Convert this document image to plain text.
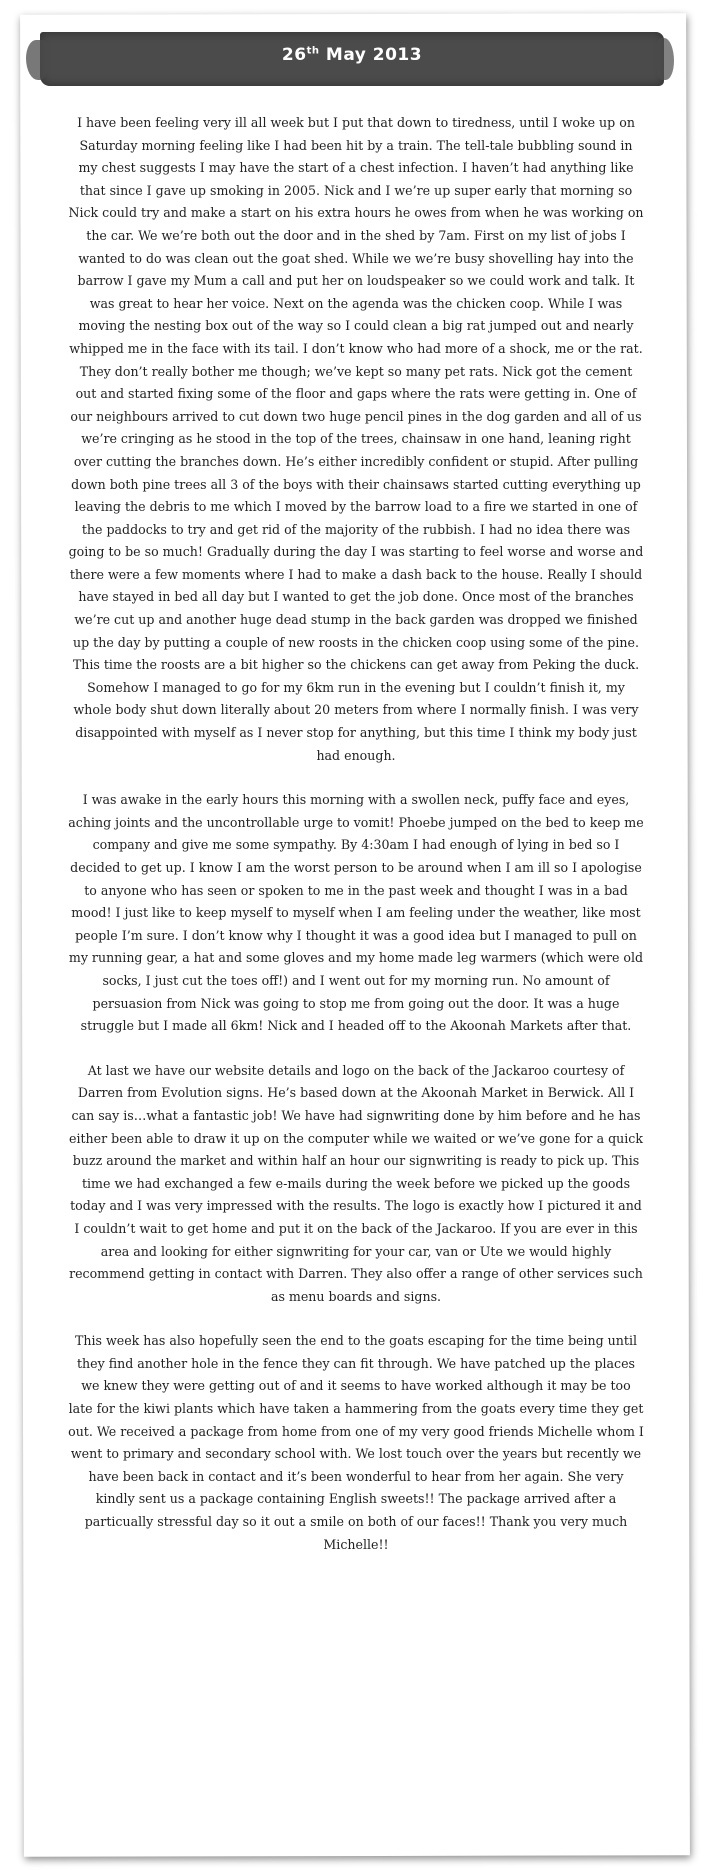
26th May 2013

I have been feeling very ill all week but I put that down to tiredness, until I woke up on Saturday morning feeling like I had been hit by a train. The tell-tale bubbling sound in my chest suggests I may have the start of a chest infection. I haven’t had anything like that since I gave up smoking in 2005. Nick and I we’re up super early that morning so Nick could try and make a start on his extra hours he owes from when he was working on the car. We we’re both out the door and in the shed by 7am. First on my list of jobs I wanted to do was clean out the goat shed. While we we’re busy shovelling hay into the barrow I gave my Mum a call and put her on loudspeaker so we could work and talk. It was great to hear her voice. Next on the agenda was the chicken coop. While I was moving the nesting box out of the way so I could clean a big rat jumped out and nearly whipped me in the face with its tail. I don’t know who had more of a shock, me or the rat. They don’t really bother me though; we’ve kept so many pet rats. Nick got the cement out and started fixing some of the floor and gaps where the rats were getting in. One of our neighbours arrived to cut down two huge pencil pines in the dog garden and all of us we’re cringing as he stood in the top of the trees, chainsaw in one hand, leaning right over cutting the branches down. He’s either incredibly confident or stupid. After pulling down both pine trees all 3 of the boys with their chainsaws started cutting everything up leaving the debris to me which I moved by the barrow load to a fire we started in one of the paddocks to try and get rid of the majority of the rubbish. I had no idea there was going to be so much! Gradually during the day I was starting to feel worse and worse and there were a few moments where I had to make a dash back to the house. Really I should have stayed in bed all day but I wanted to get the job done. Once most of the branches we’re cut up and another huge dead stump in the back garden was dropped we finished up the day by putting a couple of new roosts in the chicken coop using some of the pine. This time the roosts are a bit higher so the chickens can get away from Peking the duck. Somehow I managed to go for my 6km run in the evening but I couldn’t finish it, my whole body shut down literally about 20 meters from where I normally finish. I was very disappointed with myself as I never stop for anything, but this time I think my body just had enough.

I was awake in the early hours this morning with a swollen neck, puffy face and eyes, aching joints and the uncontrollable urge to vomit! Phoebe jumped on the bed to keep me company and give me some sympathy. By 4:30am I had enough of lying in bed so I decided to get up. I know I am the worst person to be around when I am ill so I apologise to anyone who has seen or spoken to me in the past week and thought I was in a bad mood! I just like to keep myself to myself when I am feeling under the weather, like most people I’m sure. I don’t know why I thought it was a good idea but I managed to pull on my running gear, a hat and some gloves and my home made leg warmers (which were old socks, I just cut the toes off!) and I went out for my morning run. No amount of persuasion from Nick was going to stop me from going out the door. It was a huge struggle but I made all 6km! Nick and I headed off to the Akoonah Markets after that.

At last we have our website details and logo on the back of the Jackaroo courtesy of Darren from Evolution signs. He’s based down at the Akoonah Market in Berwick. All I can say is…what a fantastic job! We have had signwriting done by him before and he has either been able to draw it up on the computer while we waited or we’ve gone for a quick buzz around the market and within half an hour our signwriting is ready to pick up. This time we had exchanged a few e-mails during the week before we picked up the goods today and I was very impressed with the results. The logo is exactly how I pictured it and I couldn’t wait to get home and put it on the back of the Jackaroo. If you are ever in this area and looking for either signwriting for your car, van or Ute we would highly recommend getting in contact with Darren. They also offer a range of other services such as menu boards and signs.

This week has also hopefully seen the end to the goats escaping for the time being until they find another hole in the fence they can fit through. We have patched up the places we knew they were getting out of and it seems to have worked although it may be too late for the kiwi plants which have taken a hammering from the goats every time they get out. We received a package from home from one of my very good friends Michelle whom I went to primary and secondary school with. We lost touch over the years but recently we have been back in contact and it’s been wonderful to hear from her again. She very kindly sent us a package containing English sweets!! The package arrived after a particually stressful day so it out a smile on both of our faces!! Thank you very much Michelle!!
